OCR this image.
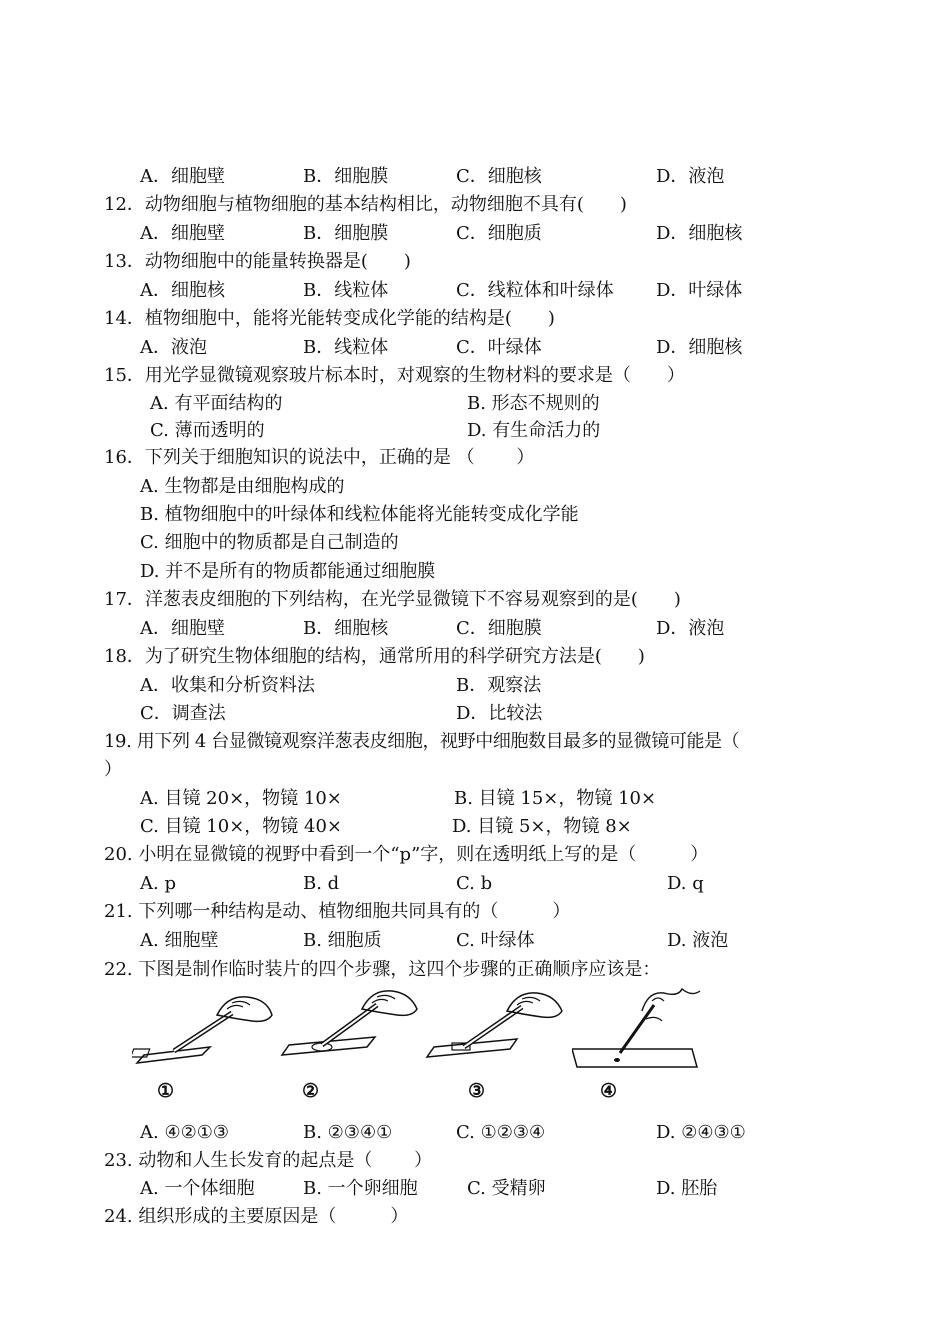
A．细胞壁	B．细胞膜	C．细胞核	D．液泡
12．动物细胞与植物细胞的基本结构相比，动物细胞不具有(　　)
A．细胞壁	B．细胞膜	C．细胞质	D．细胞核
13．动物细胞中的能量转换器是(　　)
A．细胞核	B．线粒体	C．线粒体和叶绿体 D．叶绿体
14．植物细胞中，能将光能转变成化学能的结构是(　　)
A．液泡	B．线粒体	C．叶绿体	D．细胞核
15．用光学显微镜观察玻片标本时，对观察的生物材料的要求是（　　）
A. 有平面结构的	B. 形态不规则的
C. 薄而透明的	D. 有生命活力的
16．下列关于细胞知识的说法中，正确的是 （　　 ）
A. 生物都是由细胞构成的
B. 植物细胞中的叶绿体和线粒体能将光能转变成化学能
C. 细胞中的物质都是自己制造的
D. 并不是所有的物质都能通过细胞膜
17．洋葱表皮细胞的下列结构，在光学显微镜下不容易观察到的是(　　)
A．细胞壁	B．细胞核	C．细胞膜	D．液泡
18．为了研究生物体细胞的结构，通常所用的科学研究方法是(　　)
A．收集和分析资料法	B．观察法
C．调查法	D．比较法
19. 用下列 4 台显微镜观察洋葱表皮细胞，视野中细胞数目最多的显微镜可能是（
）
A. 目镜 20×，物镜 10×	B. 目镜 15×，物镜 10×
C. 目镜 10×，物镜 40×	D. 目镜 5×，物镜 8×
20. 小明在显微镜的视野中看到一个“p”字，则在透明纸上写的是（　　　）
A. p	B. d	C. b	D. q
21. 下列哪一种结构是动、植物细胞共同具有的（　　　）
A. 细胞壁	B. 细胞质	C. 叶绿体	D. 液泡
22. 下图是制作临时装片的四个步骤，这四个步骤的正确顺序应该是：
①	②	③	④
A. ④②①③	B. ②③④①	C. ①②③④	D. ②④③①
23. 动物和人生长发育的起点是（　　 ）
A. 一个体细胞	B. 一个卵细胞	C. 受精卵	D. 胚胎
24. 组织形成的主要原因是（　　　）
